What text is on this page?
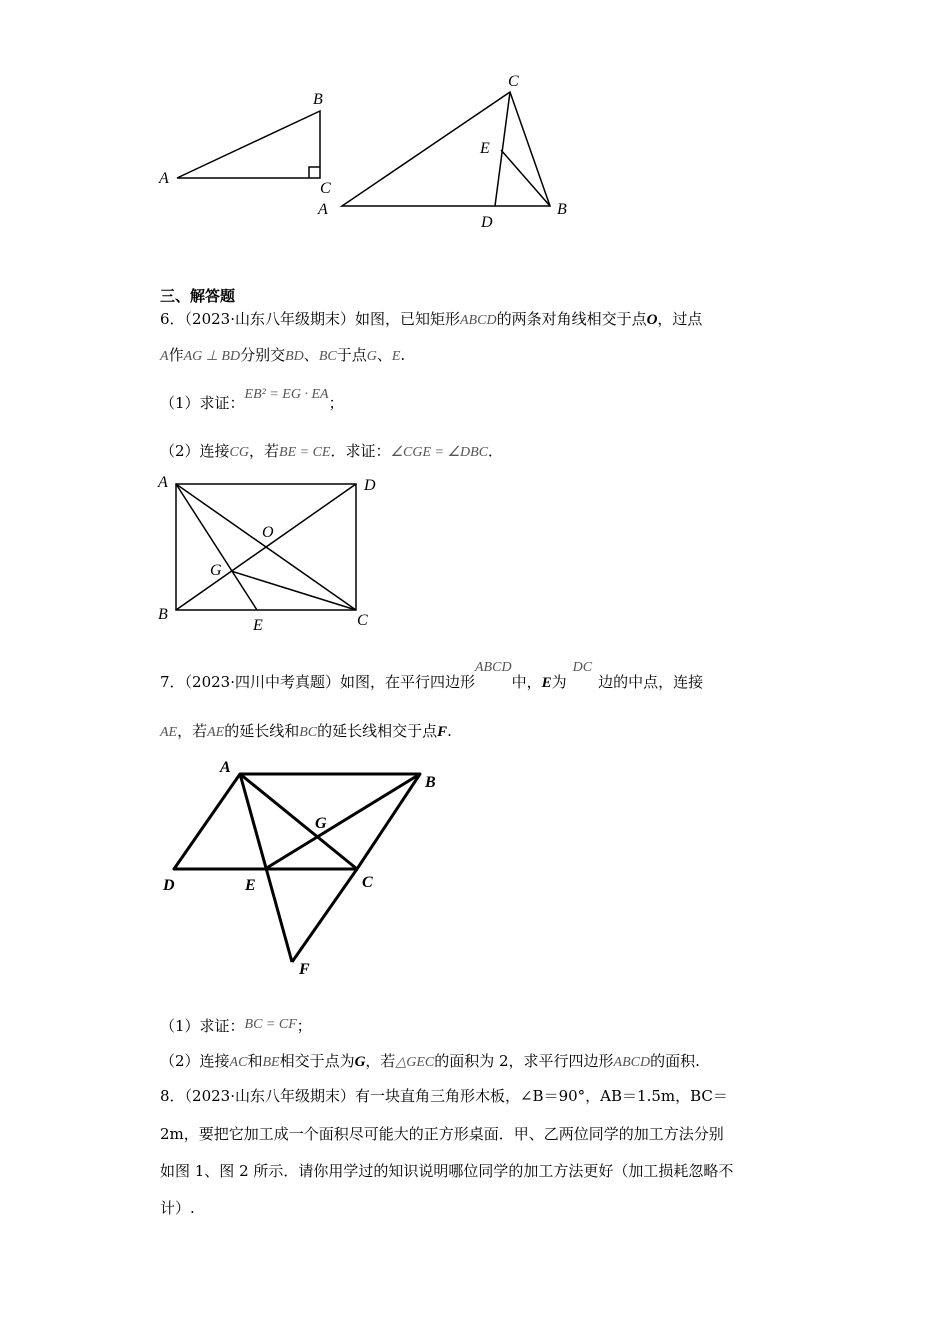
A
B
C
A
C
E
D
B
三、解答题
6．（2023·山东八年级期末）如图，已知矩形ABCD的两条对角线相交于点O，过点
A作AG ⊥ BD分别交BD、BC于点G、E.
（1）求证：EB² = EG · EA；
（2）连接CG，若BE = CE．求证：∠CGE = ∠DBC．
A	D
O
G
B
E	C
7．（2023·四川中考真题）如图，在平行四边形ABCD中，E为DC边的中点，连接
AE，若AE的延长线和BC的延长线相交于点F.
A
B
G
D	E	C
F
（1）求证：BC = CF；
（2）连接AC和BE相交于点为G，若△GEC的面积为 2，求平行四边形ABCD的面积.
8．（2023·山东八年级期末）有一块直角三角形木板，∠B＝90°，AB＝1.5m，BC＝
2m，要把它加工成一个面积尽可能大的正方形桌面．甲、乙两位同学的加工方法分别
如图 1、图 2 所示．请你用学过的知识说明哪位同学的加工方法更好（加工损耗忽略不
计）.
